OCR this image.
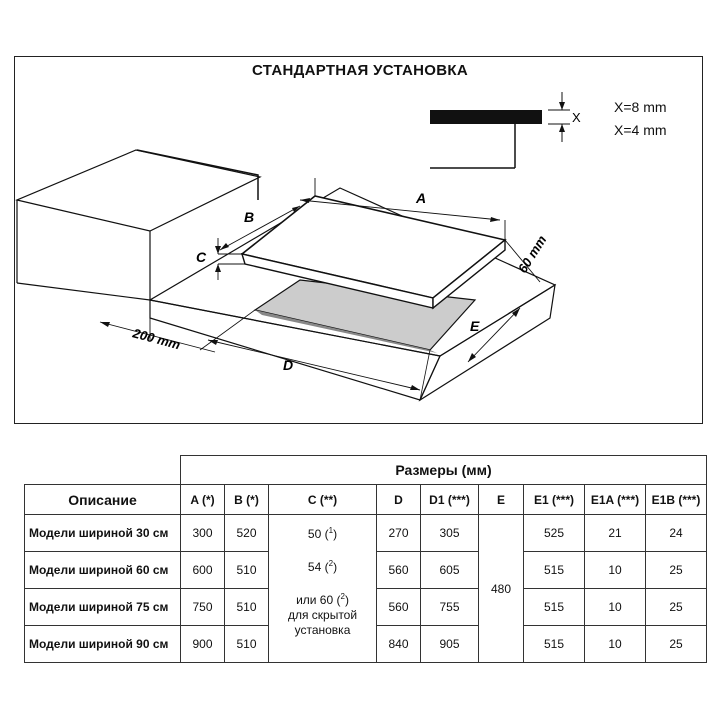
СТАНДАРТНАЯ УСТАНОВКА
X
A
B
C
200 mm
D
E
60 mm
X=8 mm
X=4 mm
	Размеры (мм)								
Описание	A (*)	B (*)	C (**)	D	D1 (***)	E	E1 (***)	E1A (***)	E1B (***)
Модели шириной 30 см	300	520	50 ($^1$)
54 ($^2$)
или 60 ($^2$)
для скрытой
установка	270	305	480	525	21	24
Модели шириной 60 см	600	510		560	605		515	10	25
Модели шириной 75 см	750	510		560	755		515	10	25
Модели шириной 90 см	900	510		840	905		515	10	25
